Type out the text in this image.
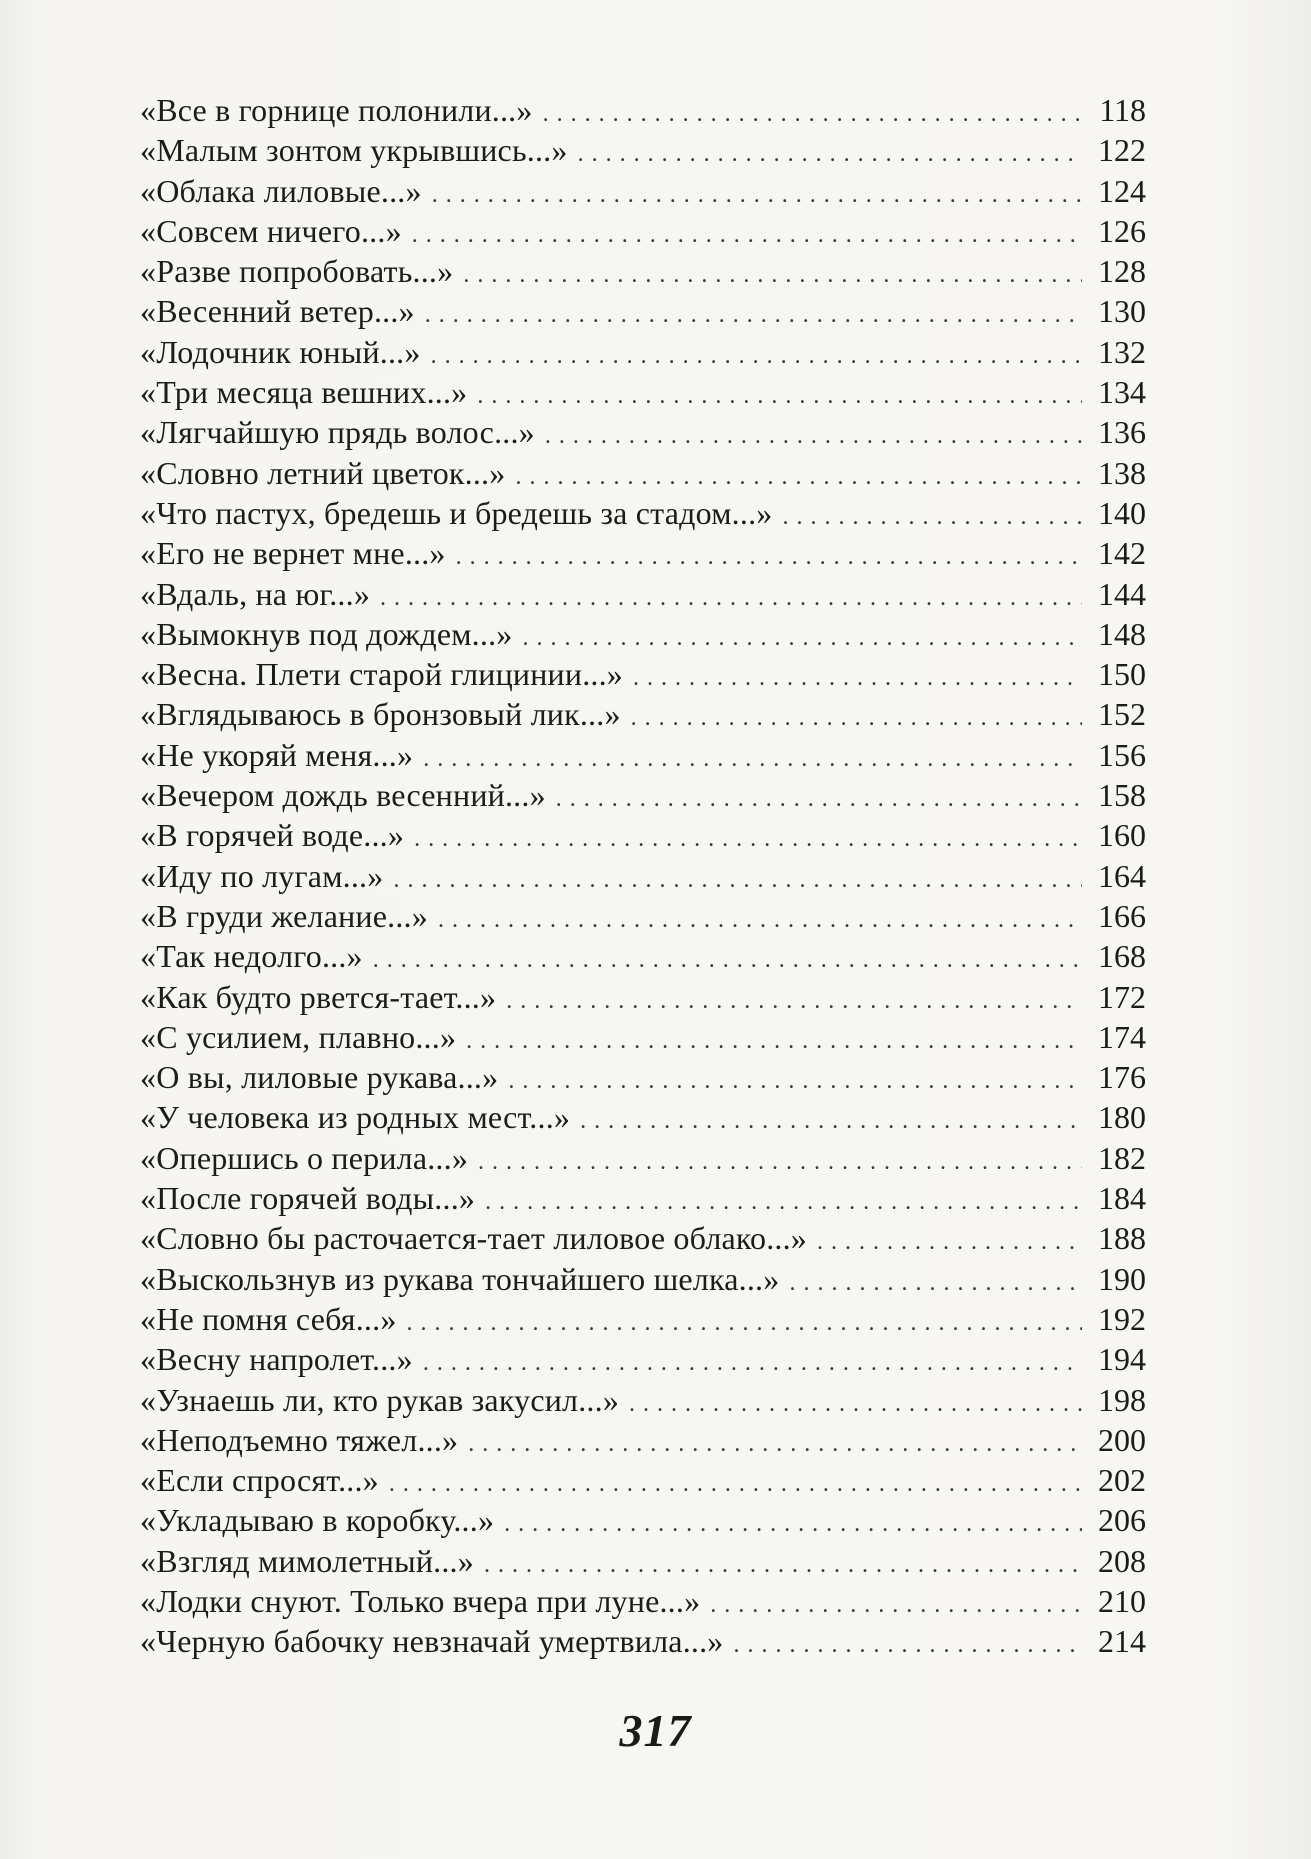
«Все в горнице полонили...» . . .	118
«Малым зонтом укрывшись...» . . .	122
«Облака лиловые...» . . .	124
«Совсем ничего...» . . .	126
«Разве попробовать...» . . .	128
«Весенний ветер...» . . .	130
«Лодочник юный...» . . .	132
«Три месяца вешних...» . . .	134
«Лягчайшую прядь волос...» . . .	136
«Словно летний цветок...» . . .	138
«Что пастух, бредешь и бредешь за стадом...» . . .	140
«Его не вернет мне...» . . .	142
«Вдаль, на юг...» . . .	144
«Вымокнув под дождем...» . . .	148
«Весна. Плети старой глицинии...» . . .	150
«Вглядываюсь в бронзовый лик...» . . .	152
«Не укоряй меня...» . . .	156
«Вечером дождь весенний...» . . .	158
«В горячей воде...» . . .	160
«Иду по лугам...» . . .	164
«В груди желание...» . . .	166
«Так недолго...» . . .	168
«Как будто рвется-тает...» . . .	172
«С усилием, плавно...» . . .	174
«О вы, лиловые рукава...» . . .	176
«У человека из родных мест...» . . .	180
«Опершись о перила...» . . .	182
«После горячей воды...» . . .	184
«Словно бы расточается-тает лиловое облако...» . . .	188
«Выскользнув из рукава тончайшего шелка...» . . .	190
«Не помня себя...» . . .	192
«Весну напролет...» . . .	194
«Узнаешь ли, кто рукав закусил...» . . .	198
«Неподъемно тяжел...» . . .	200
«Если спросят...» . . .	202
«Укладываю в коробку...» . . .	206
«Взгляд мимолетный...» . . .	208
«Лодки снуют. Только вчера при луне...» . . .	210
«Черную бабочку невзначай умертвила...» . . .	214
317
